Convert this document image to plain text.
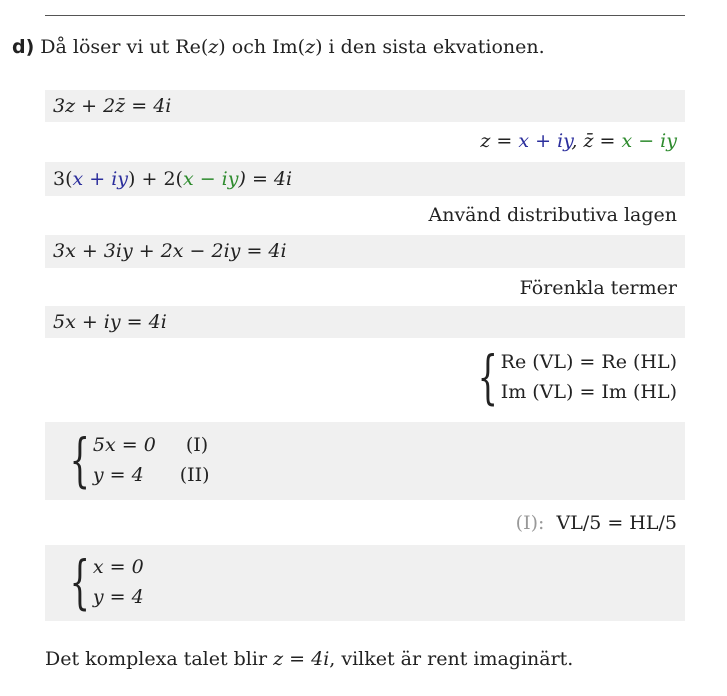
d) Då löser vi ut Re(z) och Im(z) i den sista ekvationen.
3z + 2z̄ = 4i
z = x + iy, z̄ = x − iy
3(x + iy) + 2(x − iy) = 4i
Använd distributiva lagen
3x + 3iy + 2x − 2iy = 4i
Förenkla termer
5x + iy = 4i
{ Re (VL) = Re (HL)
Im (VL) = Im (HL)
{ 5x = 0 (I)
y = 4 (II)
(I): VL/5 = HL/5
{ x = 0
y = 4
Det komplexa talet blir z = 4i, vilket är rent imaginärt.
